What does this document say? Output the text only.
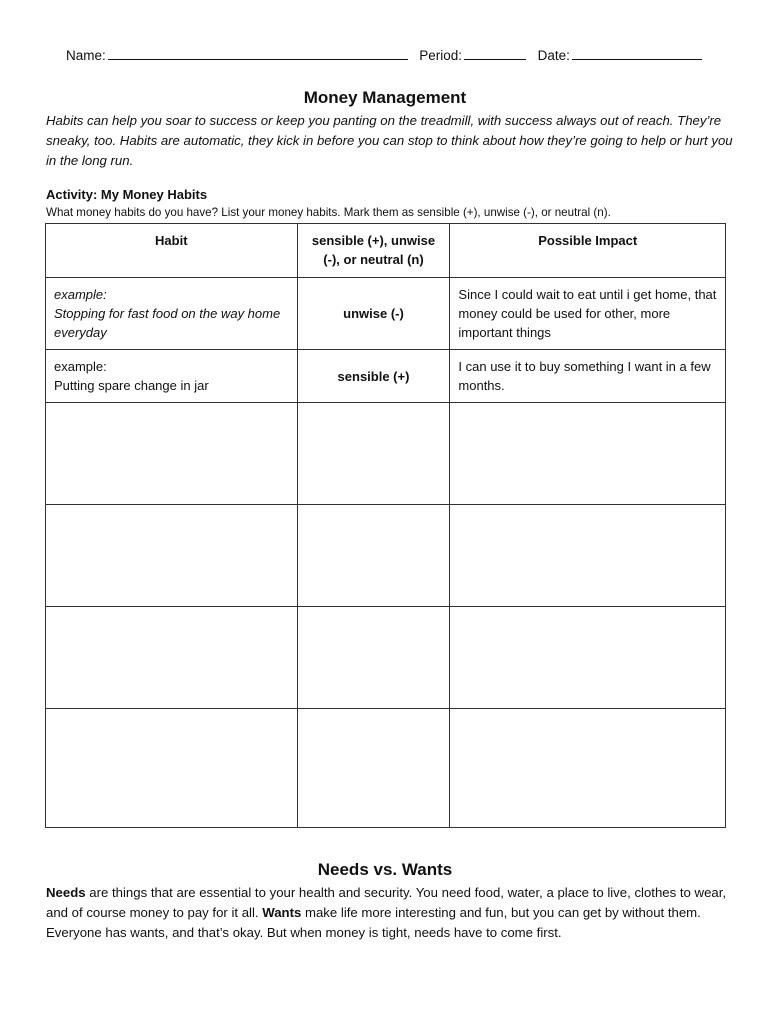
Name:	Period:	Date:
Money Management

Habits can help you soar to success or keep you panting on the treadmill, with success always out of reach. They’re sneaky, too. Habits are automatic, they kick in before you can stop to think about how they’re going to help or hurt you in the long run.

Activity: My Money Habits
What money habits do you have? List your money habits. Mark them as sensible (+), unwise (-), or neutral (n).
Habit	sensible (+), unwise (-), or neutral (n)	Possible Impact

example:
Stopping for fast food on the way home everyday	unwise (-)	Since I could wait to eat until i get home, that money could be used for other, more important things

example:
Putting spare change in jar	sensible (+)	I can use it to buy something I want in a few months.

Needs vs. Wants

Needs are things that are essential to your health and security. You need food, water, a place to live, clothes to wear, and of course money to pay for it all. Wants make life more interesting and fun, but you can get by without them. Everyone has wants, and that’s okay. But when money is tight, needs have to come first.
